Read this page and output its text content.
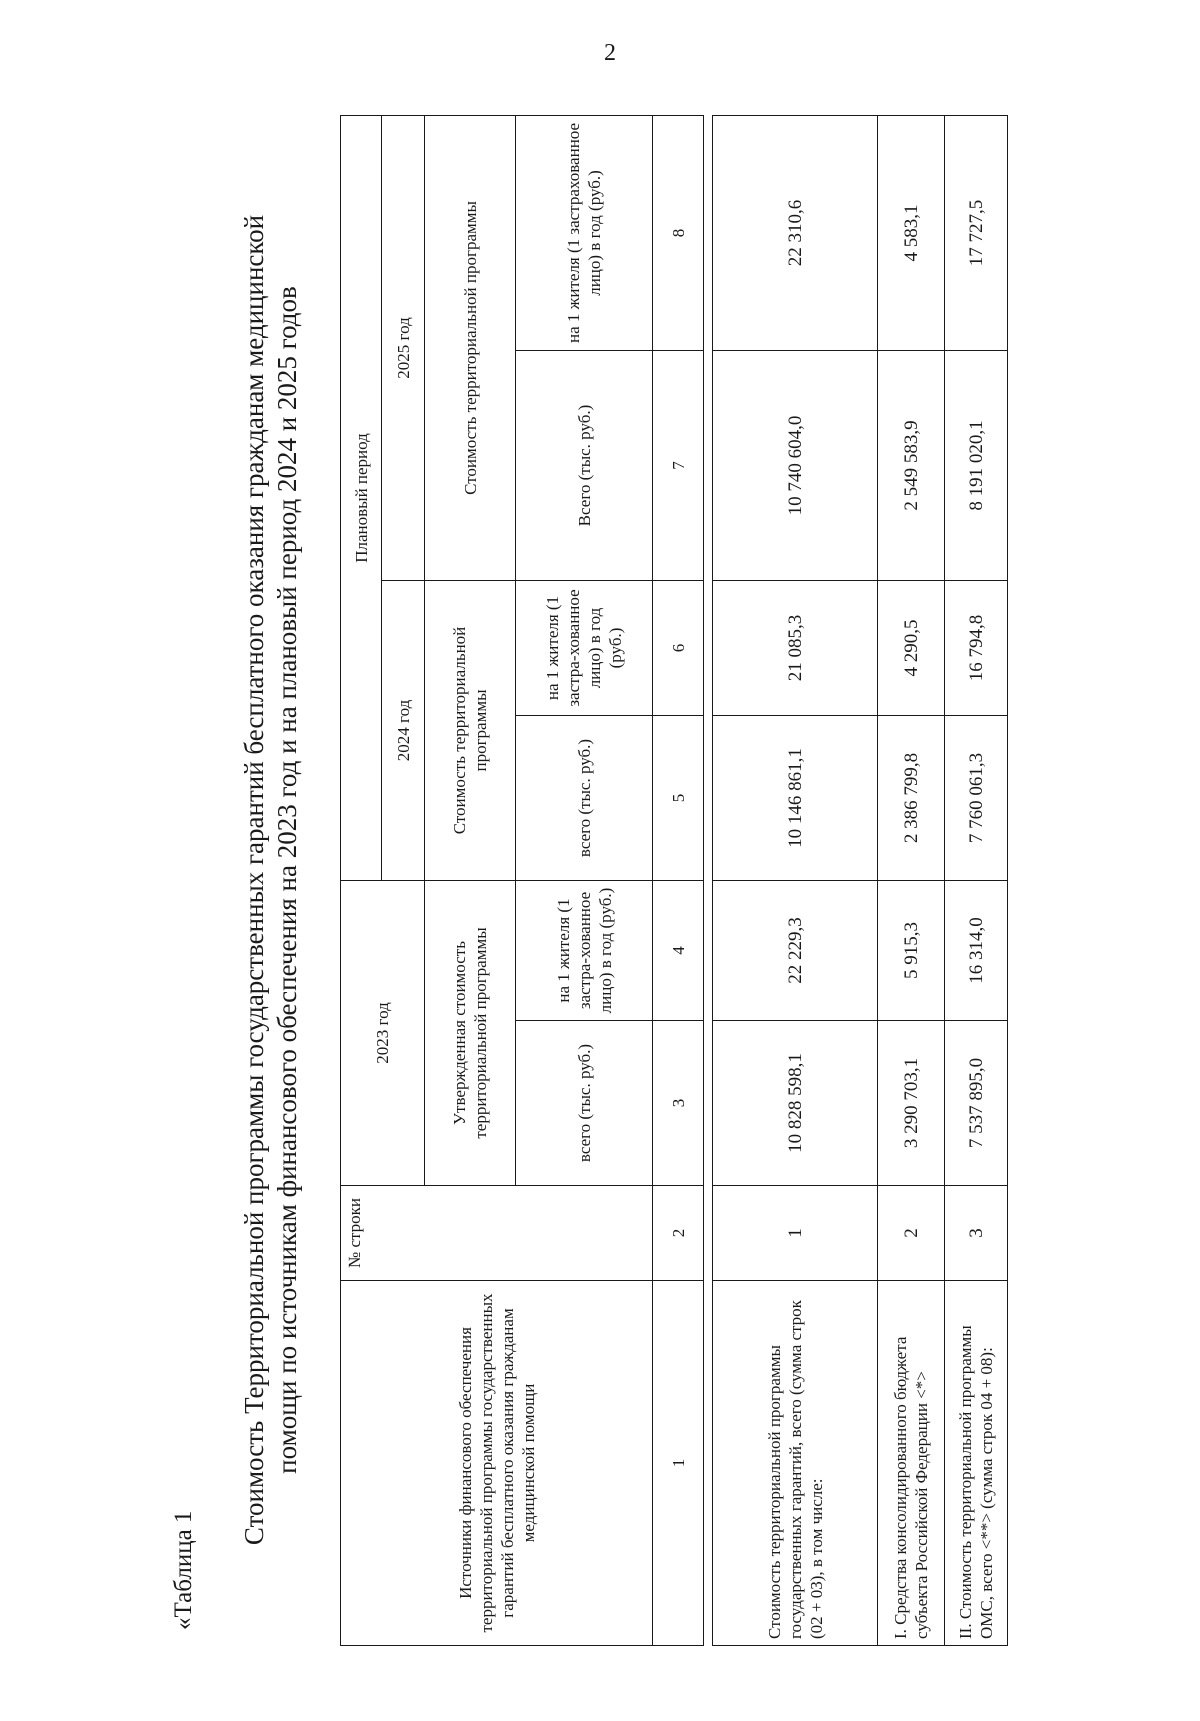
2
«Таблица 1
Стоимость Территориальной программы государственных гарантий бесплатного оказания гражданам медицинской помощи по источникам финансового обеспечения на 2023 год и на плановый период 2024 и 2025 годов	Источники финансового обеспечения территориальной программы государственных гарантий бесплатного оказания гражданам медицинской помощи	№ строки	2023 год		Плановый период			
				2024 год		2025 год	
		Утвержденная стоимость территориальной программы		Стоимость территориальной программы		Стоимость территориальной программы	
		всего (тыс. руб.)	на 1 жителя (1 застра-хованное лицо) в год (руб.)	всего (тыс. руб.)	на 1 жителя (1 застра-хованное лицо) в год (руб.)	Всего (тыс. руб.)	на 1 жителя (1 застрахованное лицо) в год (руб.)
1	2	3	4	5	6	7	8

Стоимость территориальной программы государственных гарантий, всего (сумма строк (02 + 03), в том числе:	1	10 828 598,1	22 229,3	10 146 861,1	21 085,3	10 740 604,0	22 310,6
I. Средства консолидированного бюджета субъекта Российской Федерации <*>	2	3 290 703,1	5 915,3	2 386 799,8	4 290,5	2 549 583,9	4 583,1
II. Стоимость территориальной программы ОМС, всего <**> (сумма строк 04 + 08):	3	7 537 895,0	16 314,0	7 760 061,3	16 794,8	8 191 020,1	17 727,5
